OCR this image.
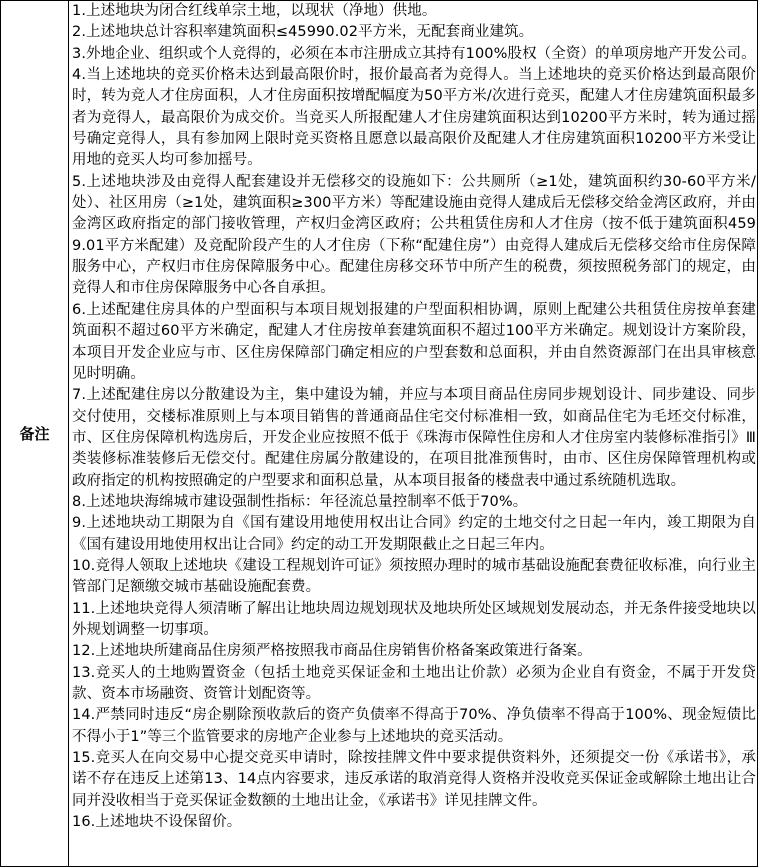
备注	

1.上述地块为闭合红线单宗土地，以现状（净地）供地。

2.上述地块总计容积率建筑面积≤45990.02平方米，无配套商业建筑。

3.外地企业、组织或个人竞得的，必须在本市注册成立其持有100%股权（全资）的单项房地产开发公司。

4.当上述地块的竞买价格未达到最高限价时，报价最高者为竞得人。当上述地块的竞买价格达到最高限价时，转为竞人才住房面积，人才住房面积按增配幅度为50平方米/次进行竞买，配建人才住房建筑面积最多者为竞得人，最高限价为成交价。当竞买人所报配建人才住房建筑面积达到10200平方米时，转为通过摇号确定竞得人，具有参加网上限时竞买资格且愿意以最高限价及配建人才住房建筑面积10200平方米受让用地的竞买人均可参加摇号。

5.上述地块涉及由竞得人配套建设并无偿移交的设施如下：公共厕所（≥1处，建筑面积约30-60平方米/处）、社区用房（≥1处，建筑面积≥300平方米）等配建设施由竞得人建成后无偿移交给金湾区政府，并由金湾区政府指定的部门接收管理，产权归金湾区政府；公共租赁住房和人才住房（按不低于建筑面积4599.01平方米配建）及竞配阶段产生的人才住房（下称“配建住房”）由竞得人建成后无偿移交给市住房保障服务中心，产权归市住房保障服务中心。配建住房移交环节中所产生的税费，须按照税务部门的规定，由竞得人和市住房保障服务中心各自承担。

6.上述配建住房具体的户型面积与本项目规划报建的户型面积相协调，原则上配建公共租赁住房按单套建筑面积不超过60平方米确定，配建人才住房按单套建筑面积不超过100平方米确定。规划设计方案阶段，本项目开发企业应与市、区住房保障部门确定相应的户型套数和总面积，并由自然资源部门在出具审核意见时明确。

7.上述配建住房以分散建设为主，集中建设为辅，并应与本项目商品住房同步规划设计、同步建设、同步交付使用，交楼标准原则上与本项目销售的普通商品住宅交付标准相一致，如商品住宅为毛坯交付标准，市、区住房保障机构选房后，开发企业应按照不低于《珠海市保障性住房和人才住房室内装修标准指引》Ⅲ类装修标准装修后无偿交付。配建住房属分散建设的，在项目批准预售时，由市、区住房保障管理机构或政府指定的机构按照确定的户型要求和面积总量，从本项目报备的楼盘表中通过系统随机选取。

8.上述地块海绵城市建设强制性指标：年径流总量控制率不低于70%。

9.上述地块动工期限为自《国有建设用地使用权出让合同》约定的土地交付之日起一年内，竣工期限为自《国有建设用地使用权出让合同》约定的动工开发期限截止之日起三年内。

10.竞得人领取上述地块《建设工程规划许可证》须按照办理时的城市基础设施配套费征收标准，向行业主管部门足额缴交城市基础设施配套费。

11.上述地块竞得人须清晰了解出让地块周边规划现状及地块所处区域规划发展动态，并无条件接受地块以外规划调整一切事项。

12.上述地块所建商品住房须严格按照我市商品住房销售价格备案政策进行备案。

13.竞买人的土地购置资金（包括土地竞买保证金和土地出让价款）必须为企业自有资金，不属于开发贷款、资本市场融资、资管计划配资等。

14.严禁同时违反“房企剔除预收款后的资产负债率不得高于70%、净负债率不得高于100%、现金短债比不得小于1”等三个监管要求的房地产企业参与上述地块的竞买活动。

15.竞买人在向交易中心提交竞买申请时，除按挂牌文件中要求提供资料外，还须提交一份《承诺书》，承诺不存在违反上述第13、14点内容要求，违反承诺的取消竞得人资格并没收竞买保证金或解除土地出让合同并没收相当于竞买保证金数额的土地出让金，《承诺书》详见挂牌文件。

16.上述地块不设保留价。
